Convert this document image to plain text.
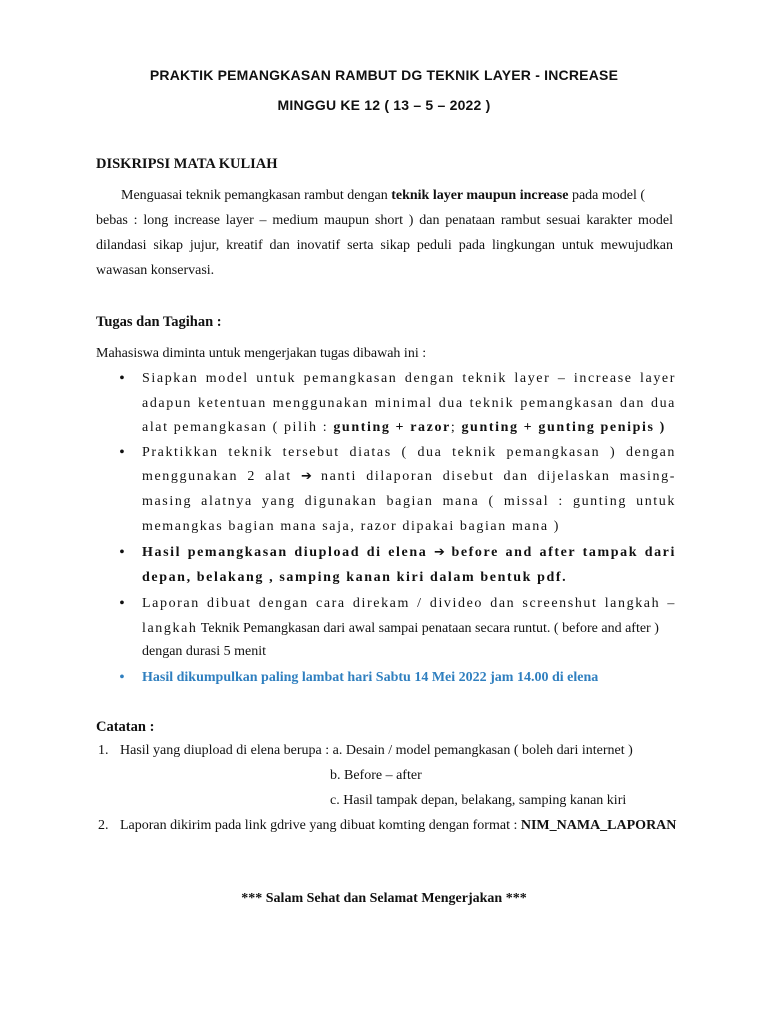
PRAKTIK PEMANGKASAN RAMBUT DG TEKNIK LAYER - INCREASE
MINGGU KE 12 ( 13 – 5 – 2022 )
DISKRIPSI MATA KULIAH
Menguasai teknik pemangkasan rambut dengan teknik layer maupun increase pada model (
bebas : long increase layer – medium maupun short ) dan penataan rambut sesuai karakter model
dilandasi sikap jujur, kreatif dan inovatif serta sikap peduli pada lingkungan untuk mewujudkan
wawasan konservasi.
Tugas dan Tagihan :
Mahasiswa diminta untuk mengerjakan tugas dibawah ini :
•	Siapkan model untuk pemangkasan dengan teknik layer – increase layer
adapun ketentuan menggunakan minimal dua teknik pemangkasan dan dua
alat pemangkasan ( pilih : gunting + razor; gunting + gunting penipis )
•	Praktikkan teknik tersebut diatas ( dua teknik pemangkasan ) dengan
menggunakan 2 alat ➔ nanti dilaporan disebut dan dijelaskan masing-
masing alatnya yang digunakan bagian mana ( missal : gunting untuk
memangkas bagian mana saja, razor dipakai bagian mana )
•	Hasil pemangkasan diupload di elena ➔ before and after tampak dari
depan, belakang , samping kanan kiri dalam bentuk pdf.
•	Laporan dibuat dengan cara direkam / divideo dan screenshut langkah –
langkah Teknik Pemangkasan dari awal sampai penataan secara runtut. ( before and after )
dengan durasi 5 menit
•	Hasil dikumpulkan paling lambat hari Sabtu 14 Mei 2022 jam 14.00 di elena
Catatan :
1. Hasil yang diupload di elena berupa : a. Desain / model pemangkasan ( boleh dari internet )
b. Before – after
c. Hasil tampak depan, belakang, samping kanan kiri
2. Laporan dikirim pada link gdrive yang dibuat komting dengan format : NIM_NAMA_LAPORAN
*** Salam Sehat dan Selamat Mengerjakan ***
